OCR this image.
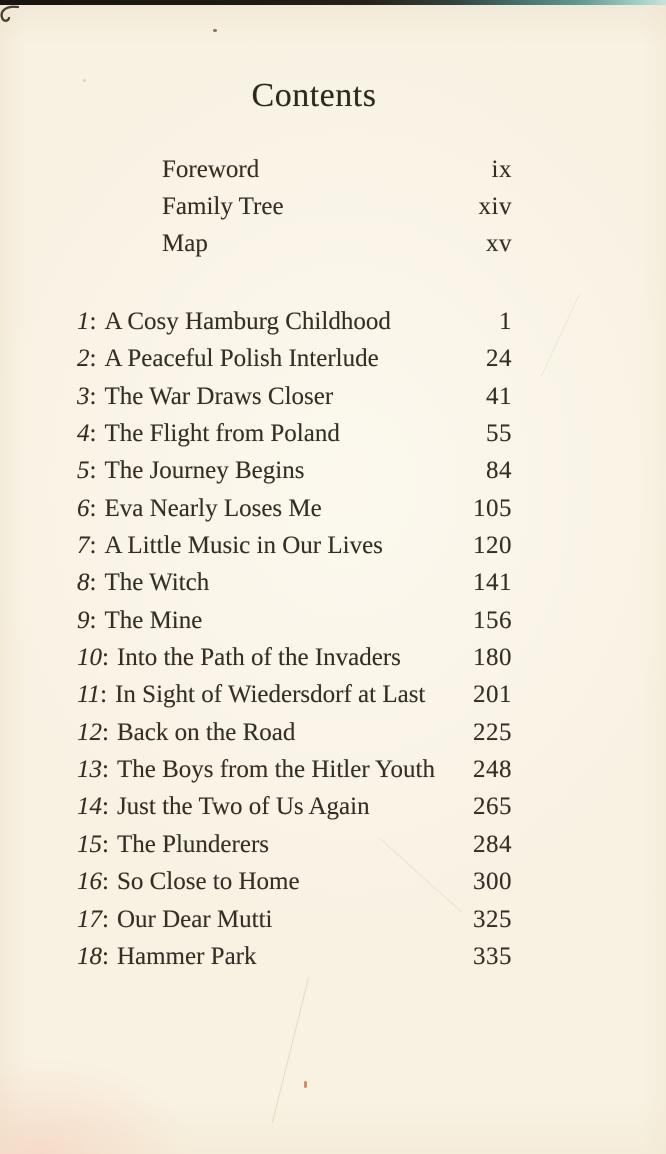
Contents
Foreword	ix
Family Tree	xiv
Map	xv
1: A Cosy Hamburg Childhood	1
2: A Peaceful Polish Interlude	24
3: The War Draws Closer	41
4: The Flight from Poland	55
5: The Journey Begins	84
6: Eva Nearly Loses Me	105
7: A Little Music in Our Lives	120
8: The Witch	141
9: The Mine	156
10: Into the Path of the Invaders	180
11: In Sight of Wiedersdorf at Last 201
12: Back on the Road	225
13: The Boys from the Hitler Youth 248
14: Just the Two of Us Again	265
15: The Plunderers	284
16: So Close to Home	300
17: Our Dear Mutti	325
18: Hammer Park	335
